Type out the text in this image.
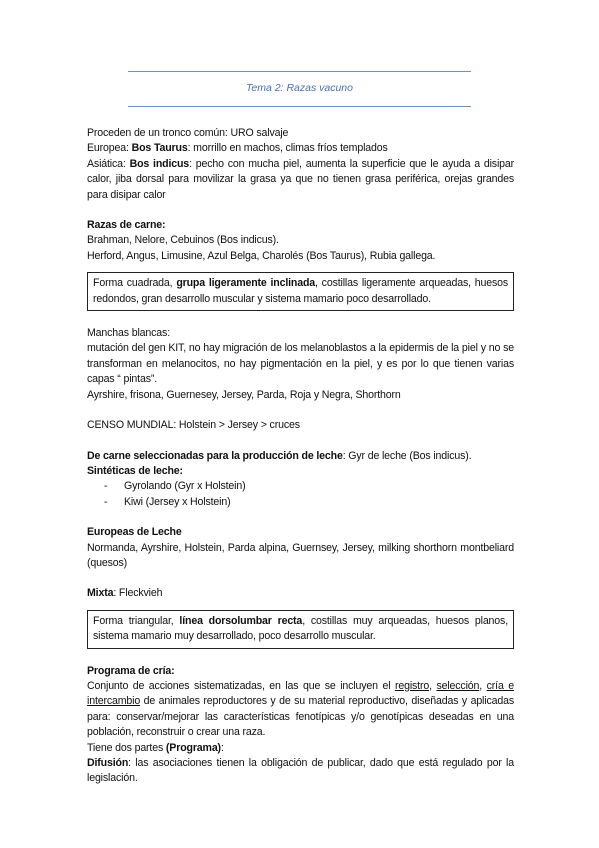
Tema 2: Razas vacuno

Proceden de un tronco común: URO salvaje

Europea: Bos Taurus: morrillo en machos, climas fríos templados

Asiática: Bos indicus: pecho con mucha piel, aumenta la superficie que le ayuda a disipar calor, jiba dorsal para movilizar la grasa ya que no tienen grasa periférica, orejas grandes para disipar calor

Razas de carne:

Brahman, Nelore, Cebuinos (Bos indicus).

Herford, Angus, Limusine, Azul Belga, Charolés (Bos Taurus), Rubia gallega.

Forma cuadrada, grupa ligeramente inclinada, costillas ligeramente arqueadas, huesos redondos, gran desarrollo muscular y sistema mamario poco desarrollado.

Manchas blancas:

mutación del gen KIT, no hay migración de los melanoblastos a la epidermis de la piel y no se transforman en melanocitos, no hay pigmentación en la piel, y es por lo que tienen varias capas “ pintas”.

Ayrshire, frisona, Guernesey, Jersey, Parda, Roja y Negra, Shorthorn

CENSO MUNDIAL: Holstein > Jersey > cruces

De carne seleccionadas para la producción de leche: Gyr de leche (Bos indicus).

Sintéticas de leche:

- Gyrolando (Gyr x Holstein)
- Kiwi (Jersey x Holstein)

Europeas de Leche

Normanda, Ayrshire, Holstein, Parda alpina, Guernsey, Jersey, milking shorthorn montbeliard (quesos)

Mixta: Fleckvieh

Forma triangular, línea dorsolumbar recta, costillas muy arqueadas, huesos planos, sistema mamario muy desarrollado, poco desarrollo muscular.

Programa de cría:

Conjunto de acciones sistematizadas, en las que se incluyen el registro, selección, cría e intercambio de animales reproductores y de su material reproductivo, diseñadas y aplicadas para: conservar/mejorar las características fenotípicas y/o genotípicas deseadas en una población, reconstruir o crear una raza.

Tiene dos partes (Programa):

Difusión: las asociaciones tienen la obligación de publicar, dado que está regulado por la legislación.
